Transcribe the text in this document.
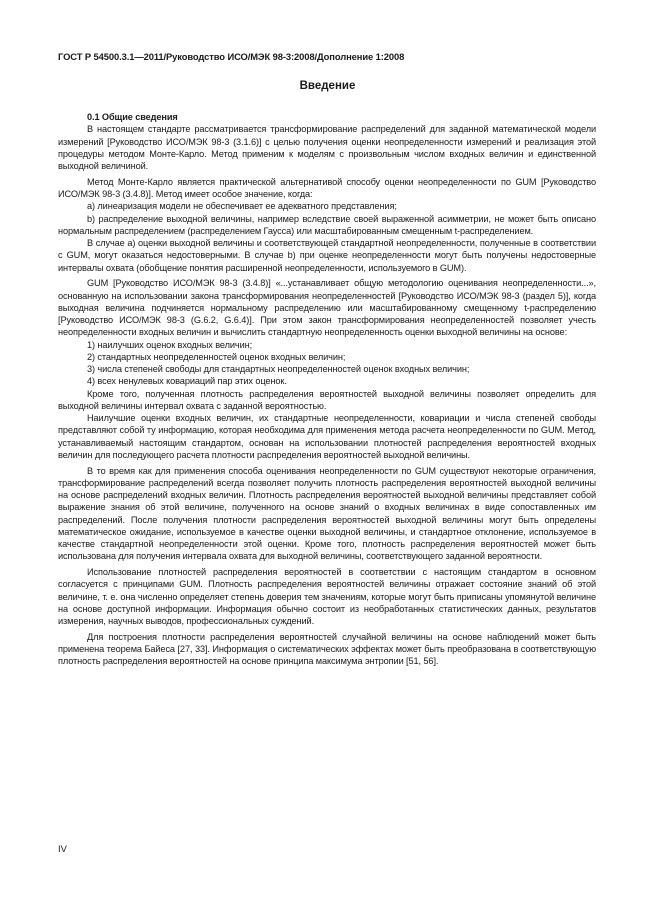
ГОСТ Р 54500.3.1—2011/Руководство ИСО/МЭК 98-3:2008/Дополнение 1:2008
Введение

0.1 Общие сведения

В настоящем стандарте рассматривается трансформирование распределений для заданной математической модели измерений [Руководство ИСО/МЭК 98-3 (3.1.6)] с целью получения оценки неопределенности измерений и реализация этой процедуры методом Монте-Карло. Метод применим к моделям с произвольным числом входных величин и единственной выходной величиной.

Метод Монте-Карло является практической альтернативой способу оценки неопределенности по GUM [Руководство ИСО/МЭК 98-3 (3.4.8)]. Метод имеет особое значение, когда:

a) линеаризация модели не обеспечивает ее адекватного представления;

b) распределение выходной величины, например вследствие своей выраженной асимметрии, не может быть описано нормальным распределением (распределением Гаусса) или масштабированным смещенным t-распределением.

В случае a) оценки выходной величины и соответствующей стандартной неопределенности, полученные в соответствии с GUM, могут оказаться недостоверными. В случае b) при оценке неопределенности могут быть получены недостоверные интервалы охвата (обобщение понятия расширенной неопределенности, используемого в GUM).

GUM [Руководство ИСО/МЭК 98-3 (3.4.8)] «...устанавливает общую методологию оценивания неопределенности...», основанную на использовании закона трансформирования неопределенностей [Руководство ИСО/МЭК 98-3 (раздел 5)], когда выходная величина подчиняется нормальному распределению или масштабированному смещенному t-распределению [Руководство ИСО/МЭК 98-3 (G.6.2, G.6.4)]. При этом закон трансформирования неопределенностей позволяет учесть неопределенности входных величин и вычислить стандартную неопределенность оценки выходной величины на основе:

1) наилучших оценок входных величин;

2) стандартных неопределенностей оценок входных величин;

3) числа степеней свободы для стандартных неопределенностей оценок входных величин;

4) всех ненулевых ковариаций пар этих оценок.

Кроме того, полученная плотность распределения вероятностей выходной величины позволяет определить для выходной величины интервал охвата с заданной вероятностью.

Наилучшие оценки входных величин, их стандартные неопределенности, ковариации и числа степеней свободы представляют собой ту информацию, которая необходима для применения метода расчета неопределенности по GUM. Метод, устанавливаемый настоящим стандартом, основан на использовании плотностей распределения вероятностей входных величин для последующего расчета плотности распределения вероятностей выходной величины.

В то время как для применения способа оценивания неопределенности по GUM существуют некоторые ограничения, трансформирование распределений всегда позволяет получить плотность распределения вероятностей выходной величины на основе распределений входных величин. Плотность распределения вероятностей выходной величины представляет собой выражение знания об этой величине, полученного на основе знаний о входных величинах в виде сопоставленных им распределений. После получения плотности распределения вероятностей выходной величины могут быть определены математическое ожидание, используемое в качестве оценки выходной величины, и стандартное отклонение, используемое в качестве стандартной неопределенности этой оценки. Кроме того, плотность распределения вероятностей может быть использована для получения интервала охвата для выходной величины, соответствующего заданной вероятности.

Использование плотностей распределения вероятностей в соответствии с настоящим стандартом в основном согласуется с принципами GUM. Плотность распределения вероятностей величины отражает состояние знаний об этой величине, т. е. она численно определяет степень доверия тем значениям, которые могут быть приписаны упомянутой величине на основе доступной информации. Информация обычно состоит из необработанных статистических данных, результатов измерения, научных выводов, профессиональных суждений.

Для построения плотности распределения вероятностей случайной величины на основе наблюдений может быть применена теорема Байеса [27, 33]. Информация о систематических эффектах может быть преобразована в соответствующую плотность распределения вероятностей на основе принципа максимума энтропии [51, 56].

IV
